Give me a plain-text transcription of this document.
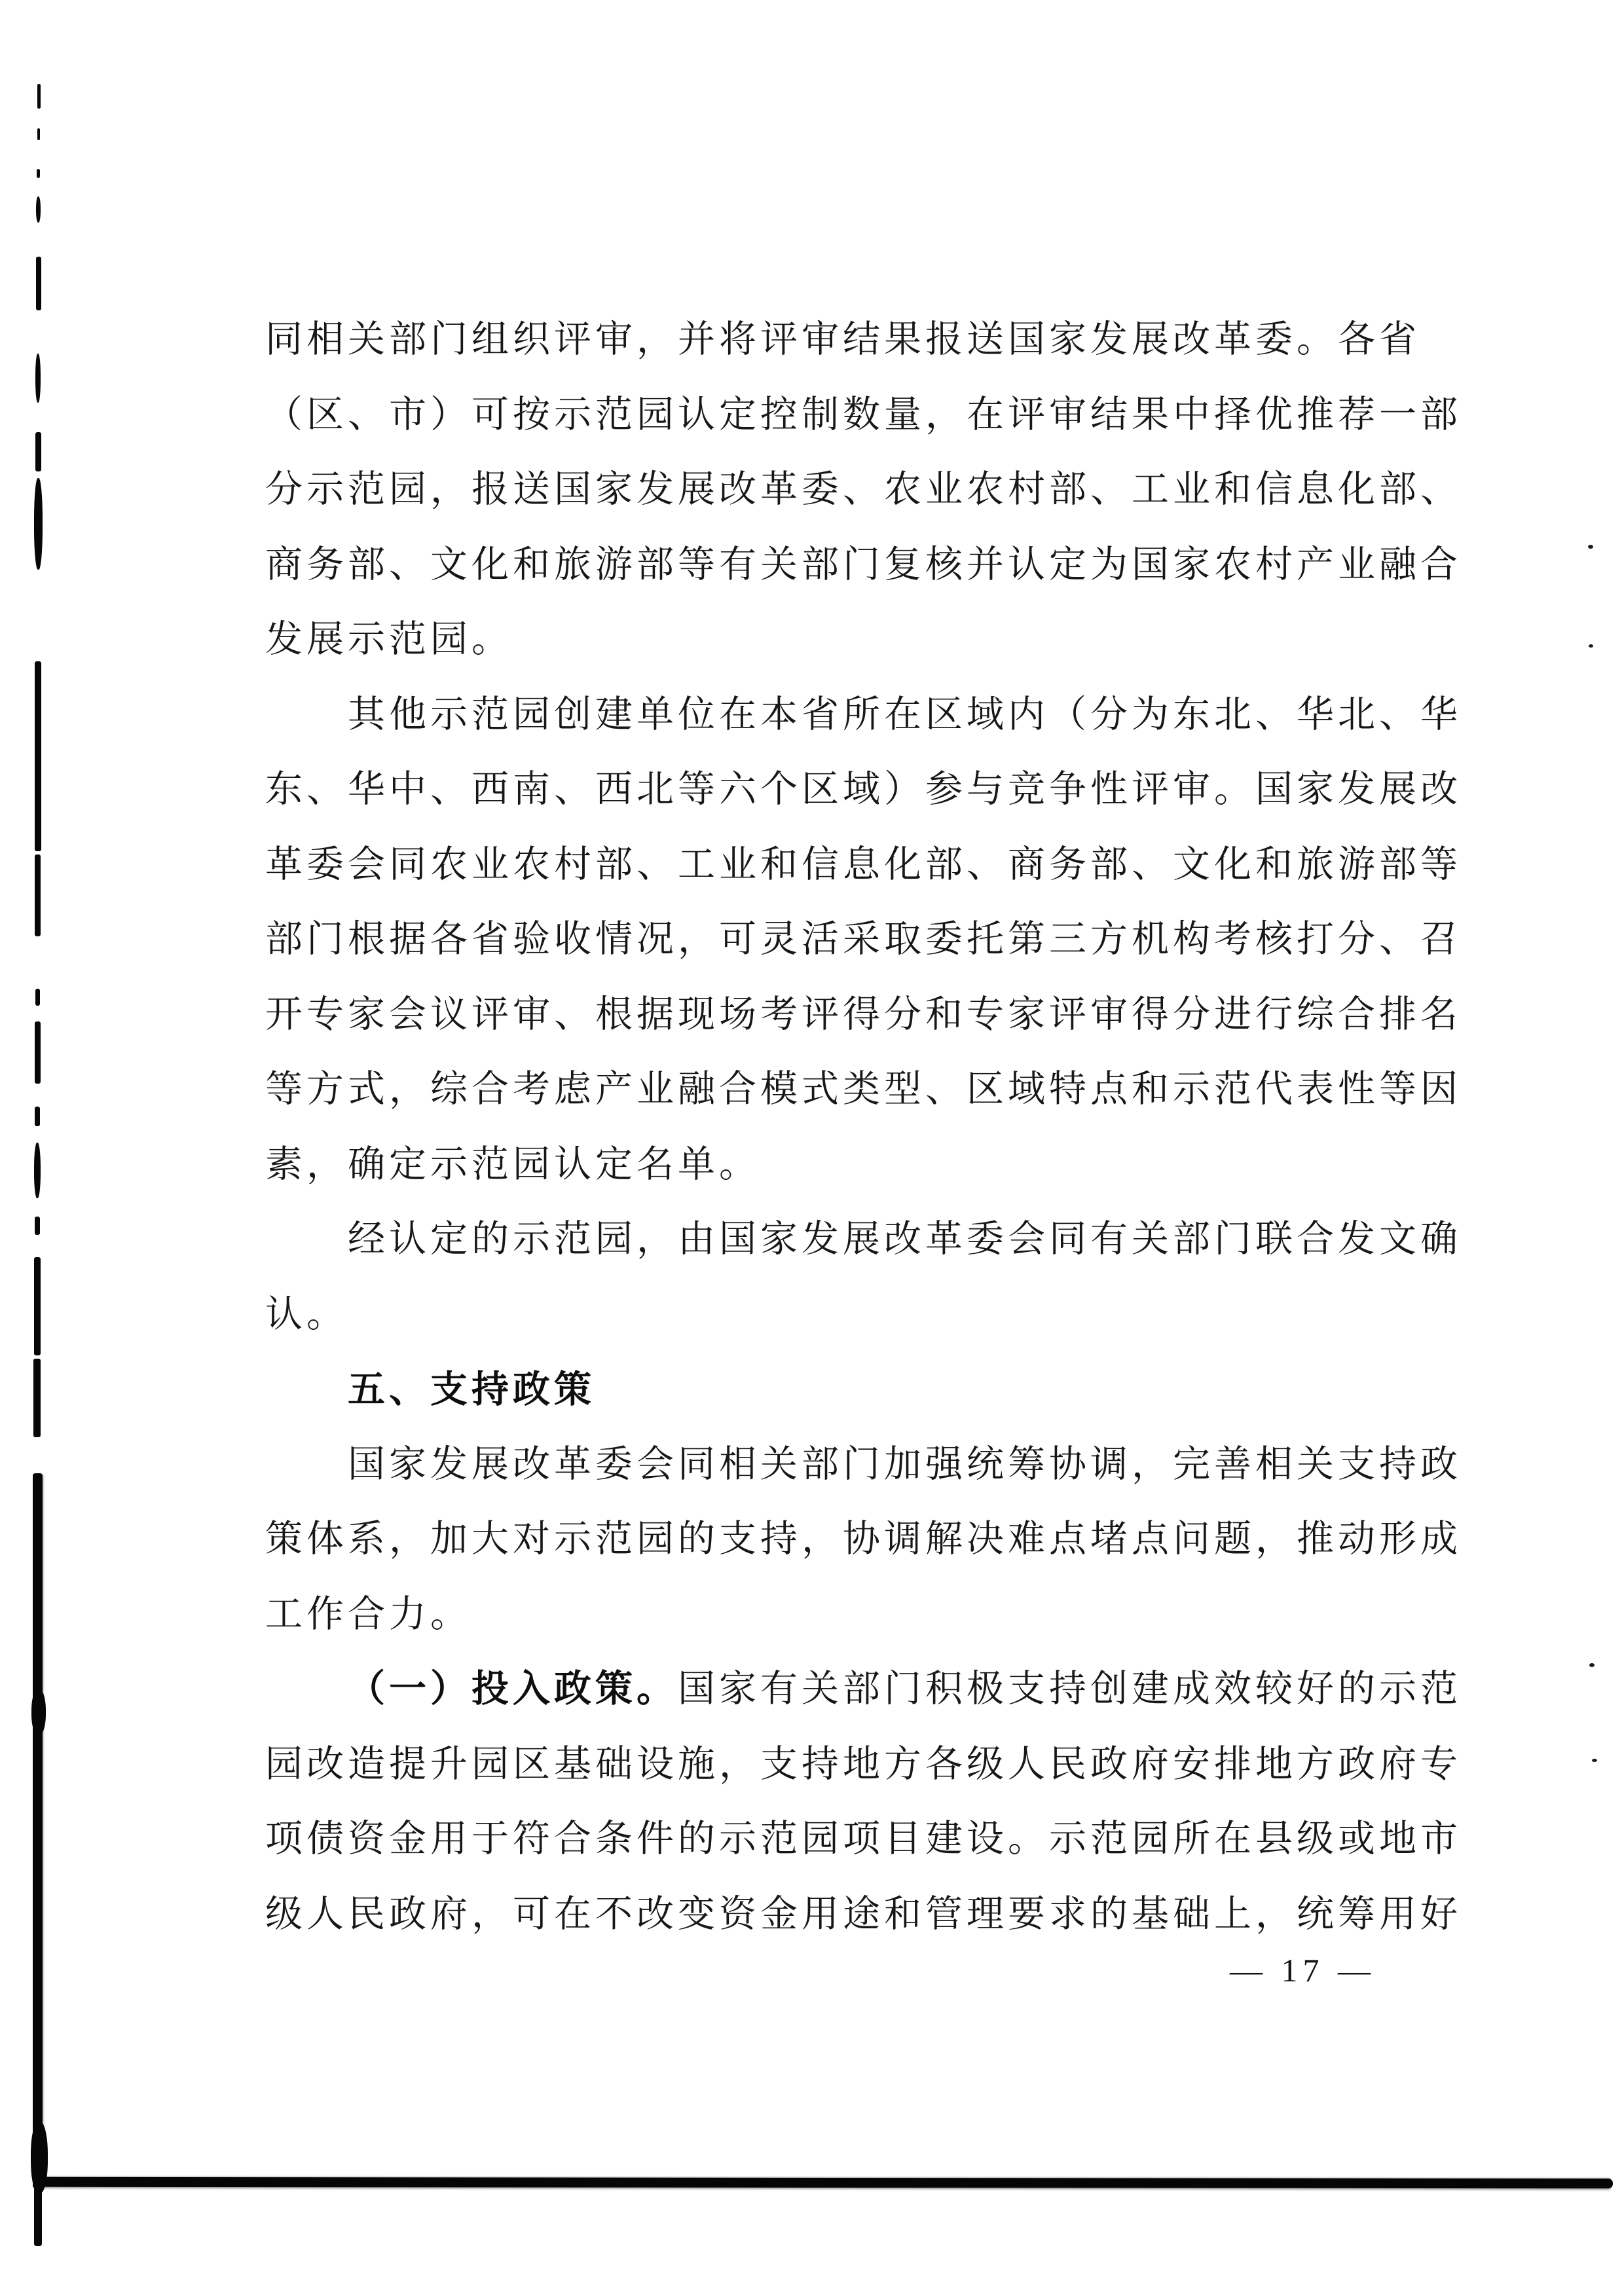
同相关部门组织评审，并将评审结果报送国家发展改革委。各省
（区、市）可按示范园认定控制数量，在评审结果中择优推荐一部
分示范园，报送国家发展改革委、农业农村部、工业和信息化部、
商务部、文化和旅游部等有关部门复核并认定为国家农村产业融合
发展示范园。
其他示范园创建单位在本省所在区域内（分为东北、华北、华
东、华中、西南、西北等六个区域）参与竞争性评审。国家发展改
革委会同农业农村部、工业和信息化部、商务部、文化和旅游部等
部门根据各省验收情况，可灵活采取委托第三方机构考核打分、召
开专家会议评审、根据现场考评得分和专家评审得分进行综合排名
等方式，综合考虑产业融合模式类型、区域特点和示范代表性等因
素，确定示范园认定名单。
经认定的示范园，由国家发展改革委会同有关部门联合发文确
认。
五、支持政策
国家发展改革委会同相关部门加强统筹协调，完善相关支持政
策体系，加大对示范园的支持，协调解决难点堵点问题，推动形成
工作合力。
（一）投入政策。国家有关部门积极支持创建成效较好的示范
园改造提升园区基础设施，支持地方各级人民政府安排地方政府专
项债资金用于符合条件的示范园项目建设。示范园所在县级或地市
级人民政府，可在不改变资金用途和管理要求的基础上，统筹用好
— 17 —
